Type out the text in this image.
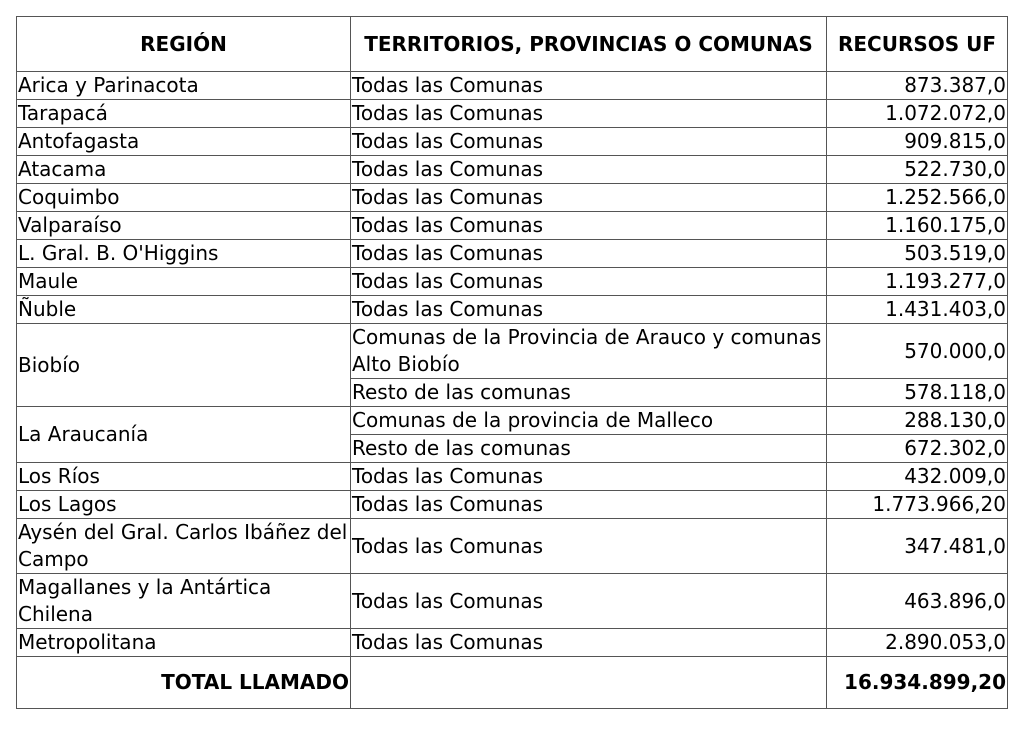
REGIÓN	TERRITORIOS, PROVINCIAS O COMUNAS	RECURSOS UF
Arica y Parinacota	Todas las Comunas	873.387,0
Tarapacá	Todas las Comunas	1.072.072,0
Antofagasta	Todas las Comunas	909.815,0
Atacama	Todas las Comunas	522.730,0
Coquimbo	Todas las Comunas	1.252.566,0
Valparaíso	Todas las Comunas	1.160.175,0
L. Gral. B. O'Higgins	Todas las Comunas	503.519,0
Maule	Todas las Comunas	1.193.277,0
Ñuble	Todas las Comunas	1.431.403,0
Biobío	Comunas de la Provincia de Arauco y comunas Alto Biobío	570.000,0
	Resto de las comunas	578.118,0
La Araucanía	Comunas de la provincia de Malleco	288.130,0
	Resto de las comunas	672.302,0
Los Ríos	Todas las Comunas	432.009,0
Los Lagos	Todas las Comunas	1.773.966,20
Aysén del Gral. Carlos Ibáñez del Campo	Todas las Comunas	347.481,0
Magallanes y la Antártica Chilena	Todas las Comunas	463.896,0
Metropolitana	Todas las Comunas	2.890.053,0
TOTAL LLAMADO		16.934.899,20
